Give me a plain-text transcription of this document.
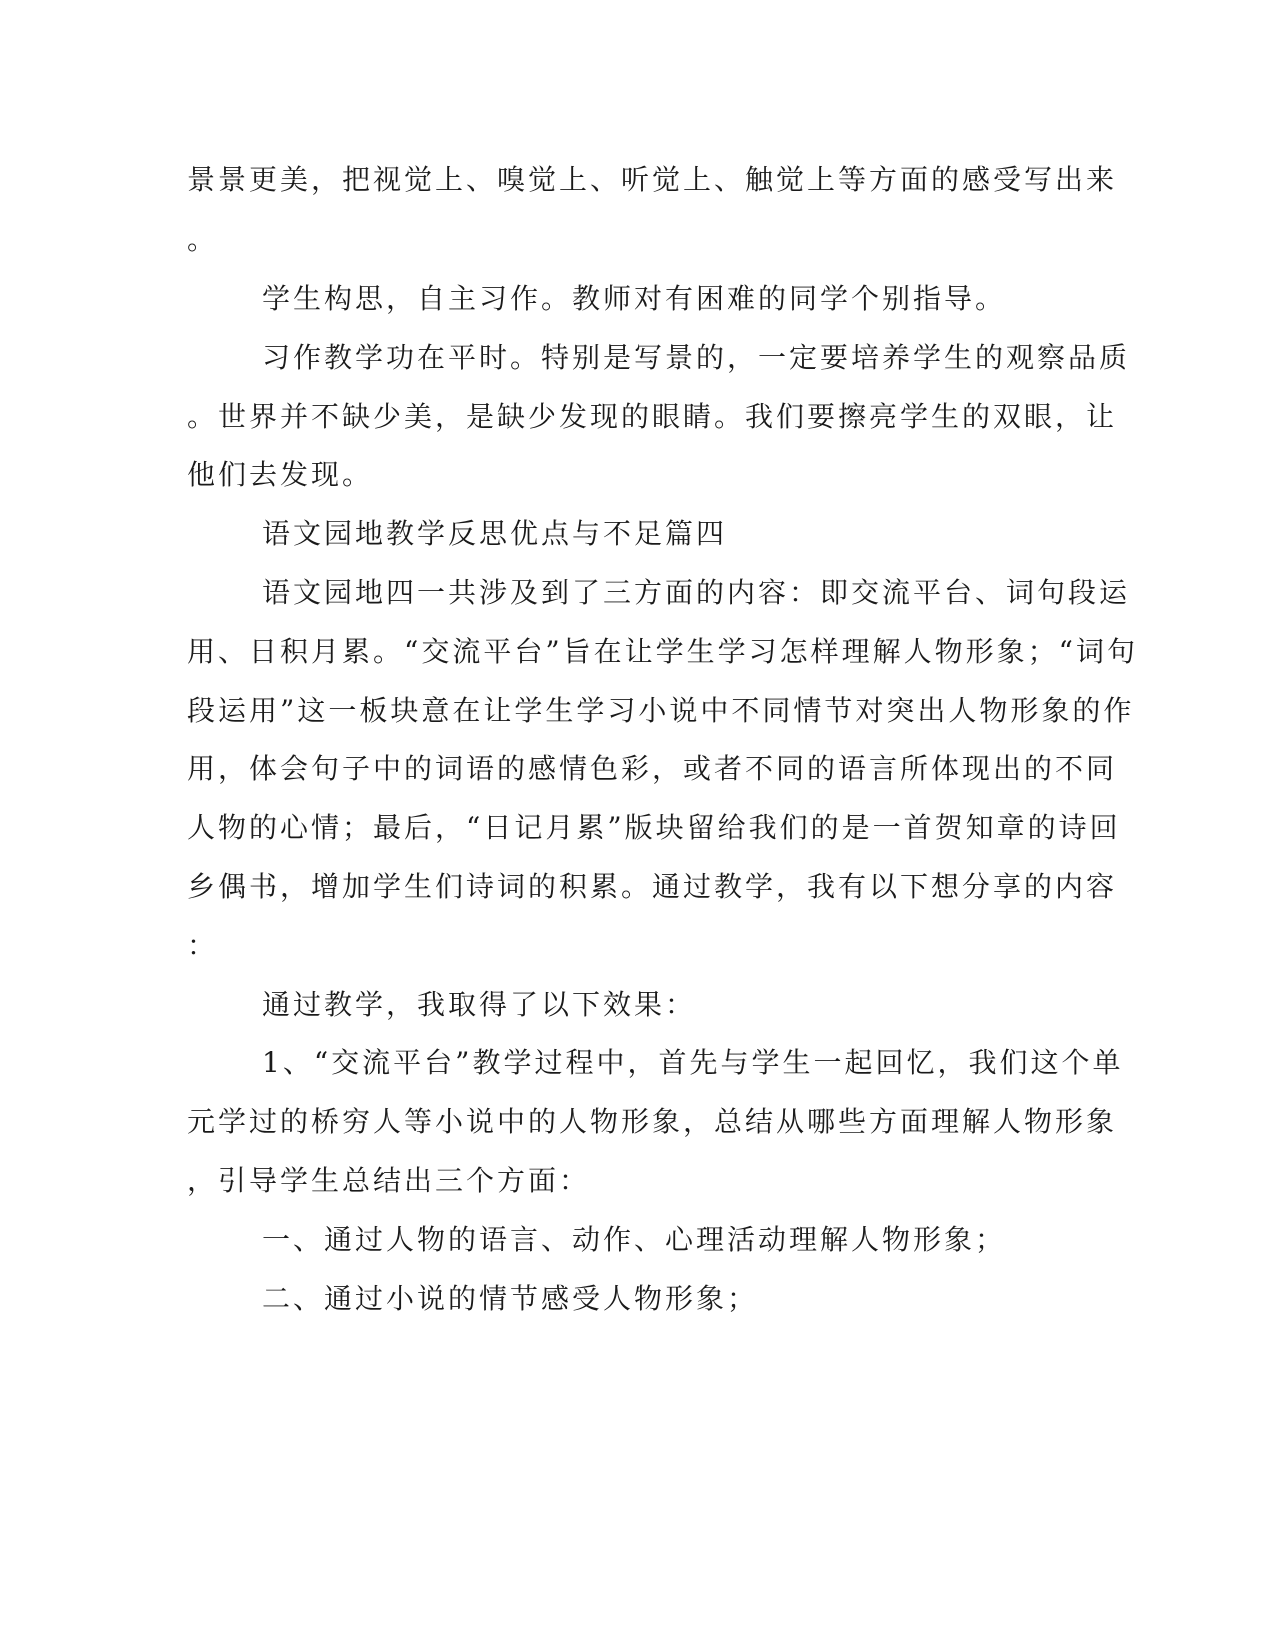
景景更美，把视觉上、嗅觉上、听觉上、触觉上等方面的感受写出来
。
学生构思，自主习作。教师对有困难的同学个别指导。
习作教学功在平时。特别是写景的，一定要培养学生的观察品质
。世界并不缺少美，是缺少发现的眼睛。我们要擦亮学生的双眼，让
他们去发现。
语文园地教学反思优点与不足篇四
语文园地四一共涉及到了三方面的内容：即交流平台、词句段运
用、日积月累。“交流平台”旨在让学生学习怎样理解人物形象；“词句
段运用”这一板块意在让学生学习小说中不同情节对突出人物形象的作
用，体会句子中的词语的感情色彩，或者不同的语言所体现出的不同
人物的心情；最后，“日记月累”版块留给我们的是一首贺知章的诗回
乡偶书，增加学生们诗词的积累。通过教学，我有以下想分享的内容
：
通过教学，我取得了以下效果：
1、“交流平台”教学过程中，首先与学生一起回忆，我们这个单
元学过的桥穷人等小说中的人物形象，总结从哪些方面理解人物形象
，引导学生总结出三个方面：
一、通过人物的语言、动作、心理活动理解人物形象；
二、通过小说的情节感受人物形象；
